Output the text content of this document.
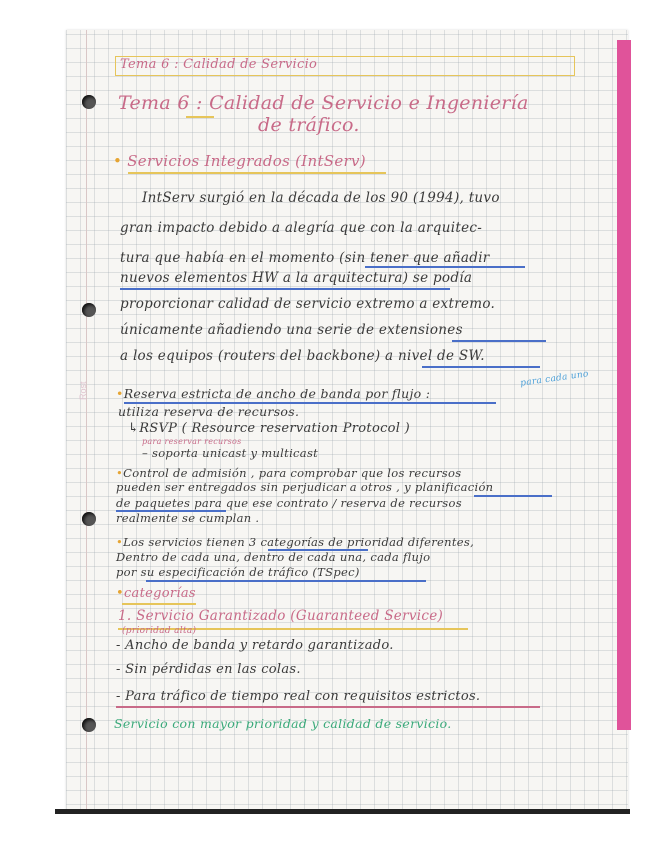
Rost
Tema 6 : Calidad de Servicio
Tema 6 : Calidad de Servicio e Ingeniería
de tráfico.
• Servicios Integrados (IntServ)
IntServ surgió en la década de los 90 (1994), tuvo
gran impacto debido a alegría que con la arquitec-
tura que había en el momento (sin tener que añadir
nuevos elementos HW a la arquitectura) se podía
proporcionar calidad de servicio extremo a extremo.
únicamente añadiendo una serie de extensiones
a los equipos (routers del backbone) a nivel de SW.
•Reserva estricta de ancho de banda por flujo :
para cada uno
utiliza reserva de recursos.
↳RSVP ( Resource reservation Protocol )
para reservar recursos
– soporta unicast y multicast
•Control de admisión , para comprobar que los recursos
pueden ser entregados sin perjudicar a otros , y planificación
de paquetes para que ese contrato / reserva de recursos
realmente se cumplan .
•Los servicios tienen 3 categorías de prioridad diferentes,
Dentro de cada una, dentro de cada una, cada flujo
por su especificación de tráfico (TSpec)
•categorías
1. Servicio Garantizado (Guaranteed Service)
(prioridad alta)
- Ancho de banda y retardo garantizado.
- Sin pérdidas en las colas.
- Para tráfico de tiempo real con requisitos estrictos.
Servicio con mayor prioridad y calidad de servicio.
